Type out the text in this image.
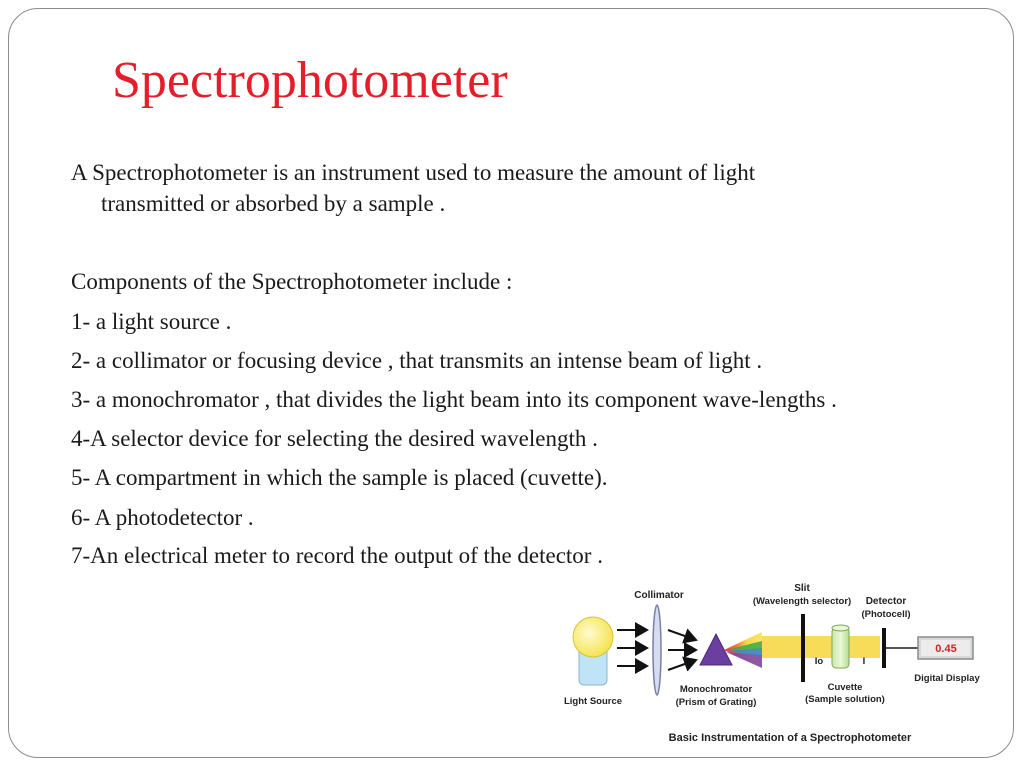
Spectrophotometer
A Spectrophotometer is an instrument used to measure the amount of light
transmitted or absorbed by a sample .
Components of the Spectrophotometer include :
1- a light source .
2- a collimator or focusing device , that transmits an intense beam of light .
3- a monochromator , that divides the light beam into its component wave-lengths .
4-A selector device for selecting the desired wavelength .
5- A compartment in which the sample is placed (cuvette).
6- A photodetector .
7-An electrical meter to record the output of the detector .
0.45
Collimator
Slit
(Wavelength selector) Detector
(Photocell)
Io	I
Digital Display
Light Source
Monochromator
(Prism of Grating)
Cuvette
(Sample solution)
Basic Instrumentation of a Spectrophotometer
